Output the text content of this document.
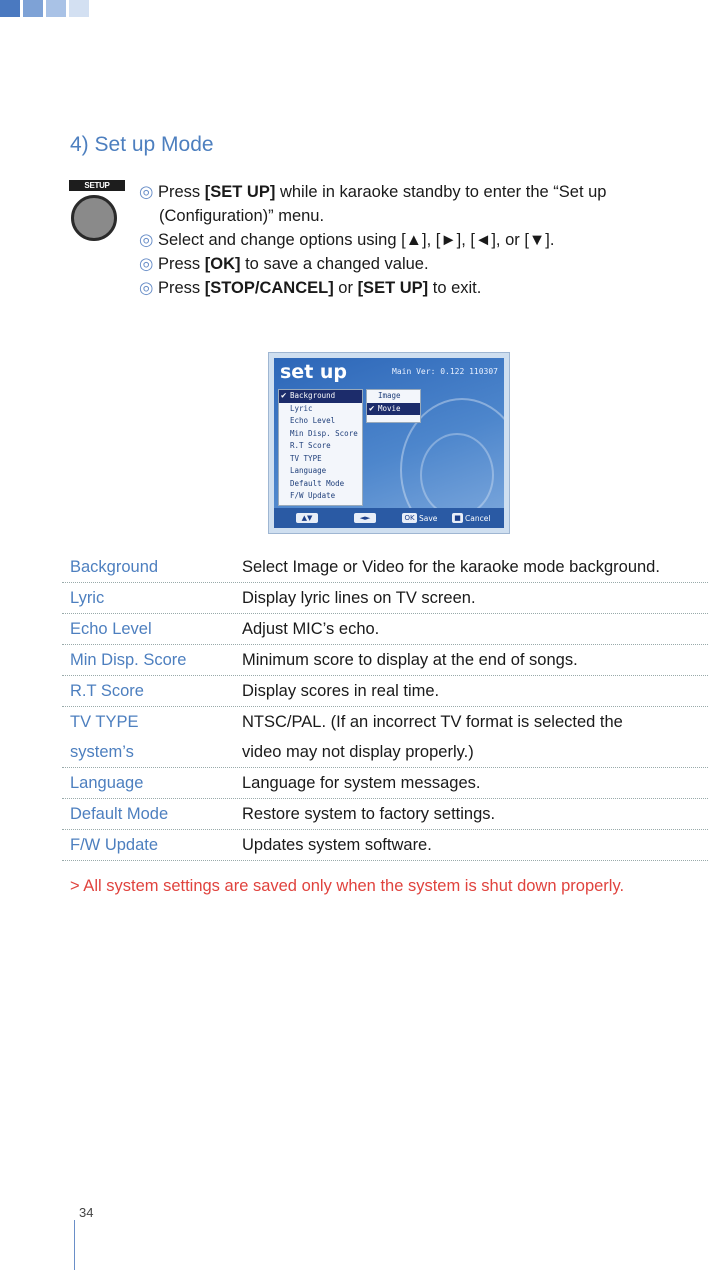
4) Set up Mode
SETUP	◎ Press [SET UP] while in karaoke standby to enter the “Set up

(Configuration)” menu.

◎ Select and change options using [▲], [►], [◄], or [▼].

◎ Press [OK] to save a changed value.

◎ Press [STOP/CANCEL] or [SET UP] to exit.

set up	Main Ver: 0.122 110307
✔ Background
Lyric
Echo Level
Min Disp. Score
R.T Score
TV TYPE
Language
Default Mode
F/W Update
Image
✔ Movie
▲▼	◄►	OK Save	■ Cancel
Background	Select Image or Video for the karaoke mode background.
Lyric	Display lyric lines on TV screen.
Echo Level	Adjust MIC’s echo.
Min Disp. Score	Minimum score to display at the end of songs.
R.T Score	Display scores in real time.
TV TYPE	NTSC/PAL. (If an incorrect TV format is selected the
system’s	video may not display properly.)
Language	Language for system messages.
Default Mode	Restore system to factory settings.
F/W Update	Updates system software.
> All system settings are saved only when the system is shut down properly.
34
